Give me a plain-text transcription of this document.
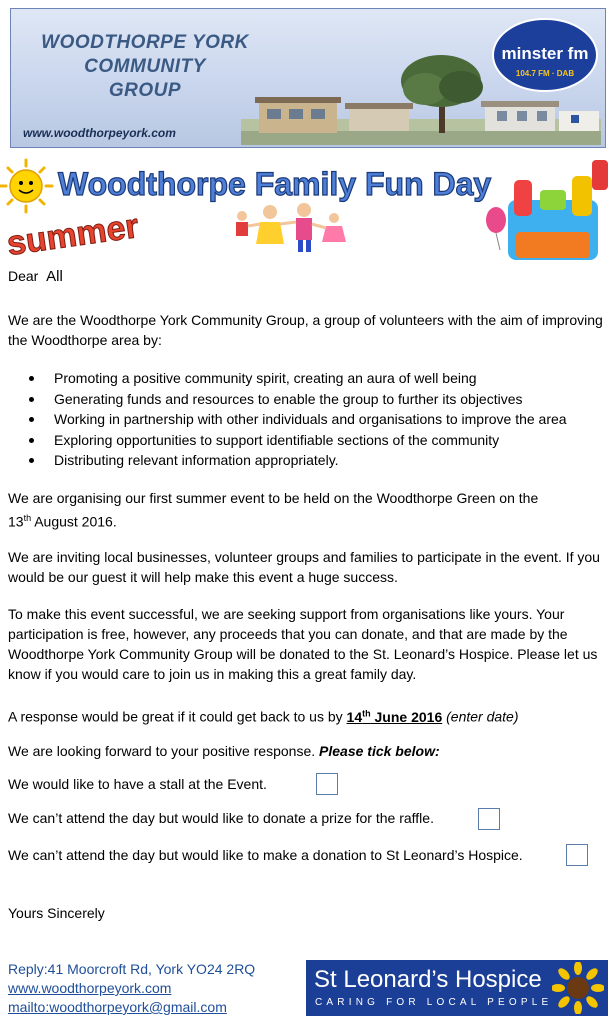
WOODTHORPE YORK
COMMUNITY
GROUP
minster fm
104.7 FM · DAB
www.woodthorpeyork.com
summer
Woodthorpe Family Fun Day
Dear All
We are the Woodthorpe York Community Group, a group of volunteers with the aim of improving the Woodthorpe area by:
Promoting a positive community spirit, creating an aura of well being
Generating funds and resources to enable the group to further its objectives
Working in partnership with other individuals and organisations to improve the area
Exploring opportunities to support identifiable sections of the community
Distributing relevant information appropriately.
We are organising our first summer event to be held on the Woodthorpe Green on the
13th August 2016.
We are inviting local businesses, volunteer groups and families to participate in the event. If you would be our guest it will help make this event a huge success.
To make this event successful, we are seeking support from organisations like yours. Your participation is free, however, any proceeds that you can donate, and that are made by the Woodthorpe York Community Group will be donated to the St. Leonard’s Hospice. Please let us know if you would care to join us in making this a great family day.
A response would be great if it could get back to us by 14th June 2016 (enter date)
We are looking forward to your positive response. Please tick below:
We would like to have a stall at the Event.
We can’t attend the day but would like to donate a prize for the raffle.
We can’t attend the day but would like to make a donation to St Leonard’s Hospice.
Yours Sincerely
Reply:41 Moorcroft Rd, York YO24 2RQ
www.woodthorpeyork.com
mailto:woodthorpeyork@gmail.com
St Leonard’s Hospice
CARING FOR LOCAL PEOPLE
